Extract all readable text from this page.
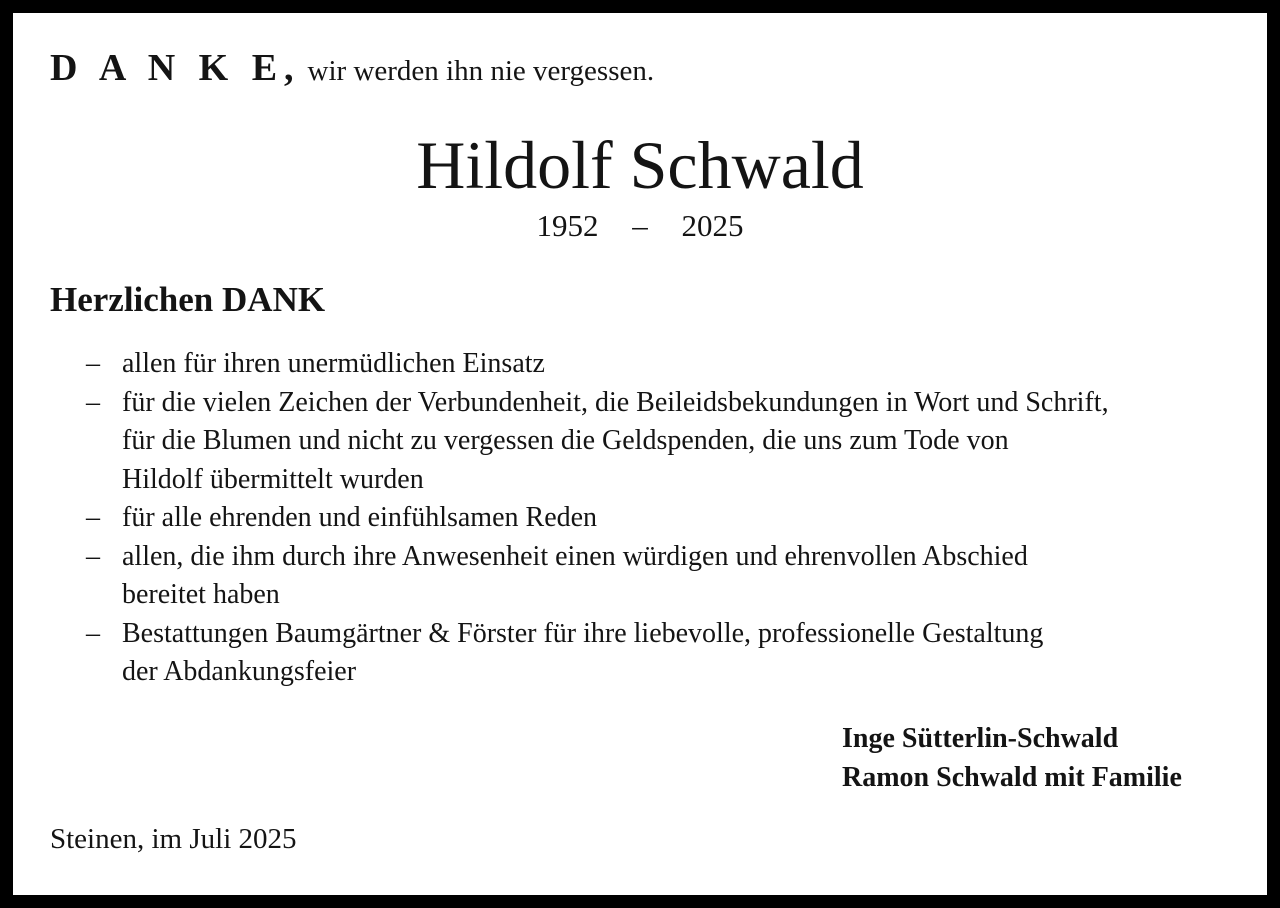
D A N K E, wir werden ihn nie vergessen.
Hildolf Schwald
1952 – 2025
Herzlichen DANK
– allen für ihren unermüdlichen Einsatz
– für die vielen Zeichen der Verbundenheit, die Beileidsbekundungen in Wort und Schrift,
für die Blumen und nicht zu vergessen die Geldspenden, die uns zum Tode von
Hildolf übermittelt wurden
– für alle ehrenden und einfühlsamen Reden
– allen, die ihm durch ihre Anwesenheit einen würdigen und ehrenvollen Abschied
bereitet haben
– Bestattungen Baumgärtner & Förster für ihre liebevolle, professionelle Gestaltung
der Abdankungsfeier
Inge Sütterlin-Schwald
Ramon Schwald mit Familie
Steinen, im Juli 2025
